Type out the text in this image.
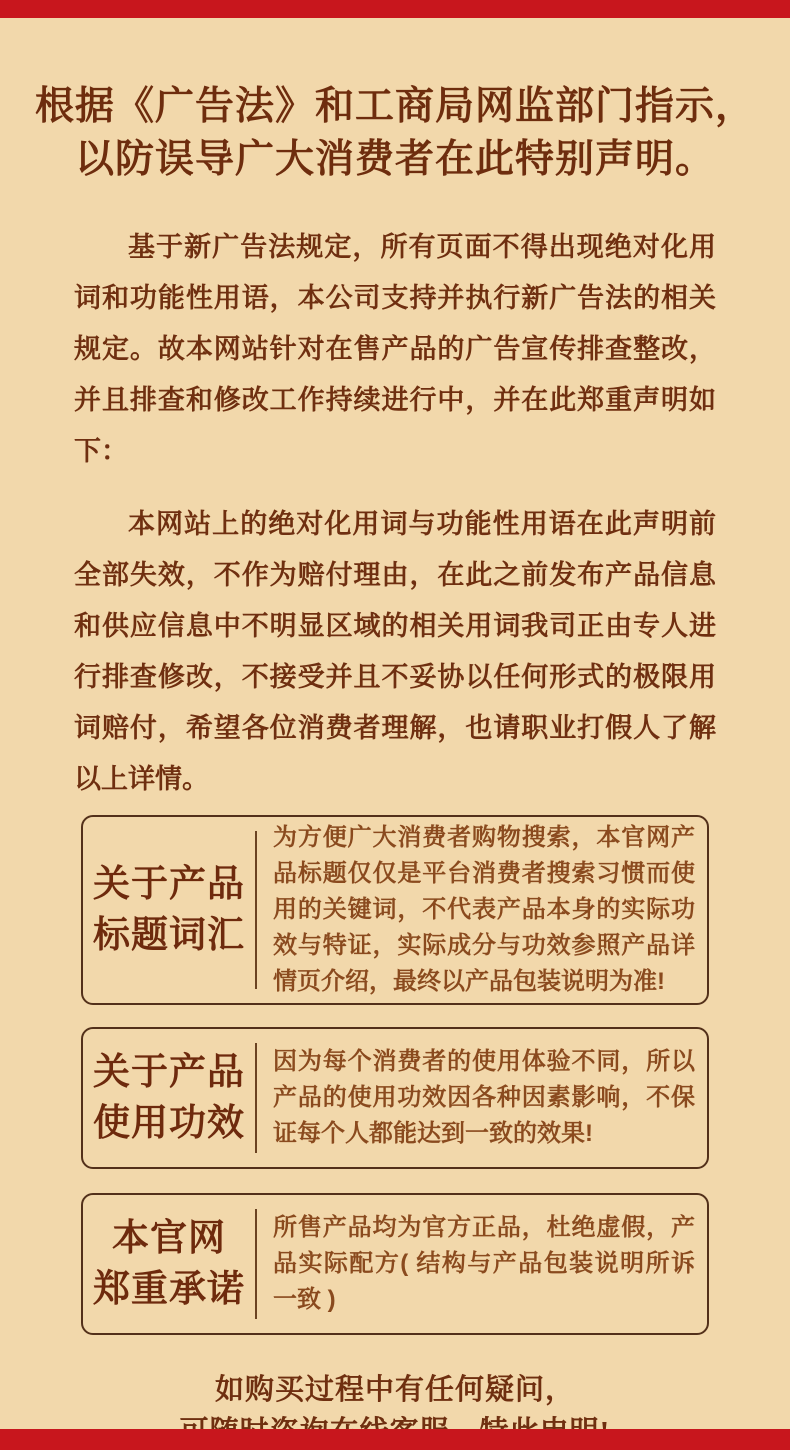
根据《广告法》和工商局网监部门指示，
以防误导广大消费者在此特别声明。

基于新广告法规定，所有页面不得出现绝对化用词和功能性用语，本公司支持并执行新广告法的相关规定。故本网站针对在售产品的广告宣传排查整改，并且排查和修改工作持续进行中，并在此郑重声明如下：

本网站上的绝对化用词与功能性用语在此声明前全部失效，不作为赔付理由，在此之前发布产品信息和供应信息中不明显区域的相关用词我司正由专人进行排查修改，不接受并且不妥协以任何形式的极限用词赔付，希望各位消费者理解，也请职业打假人了解以上详情。

关于产品
标题词汇
为方便广大消费者购物搜索，本官网产品标题仅仅是平台消费者搜索习惯而使用的关键词，不代表产品本身的实际功效与特证，实际成分与功效参照产品详情页介绍，最终以产品包装说明为准!
关于产品
使用功效
因为每个消费者的使用体验不同，所以产品的使用功效因各种因素影响，不保证每个人都能达到一致的效果!
本官网
郑重承诺
所售产品均为官方正品，杜绝虚假，产品实际配方( 结构与产品包装说明所诉一致 )
如购买过程中有任何疑问，
